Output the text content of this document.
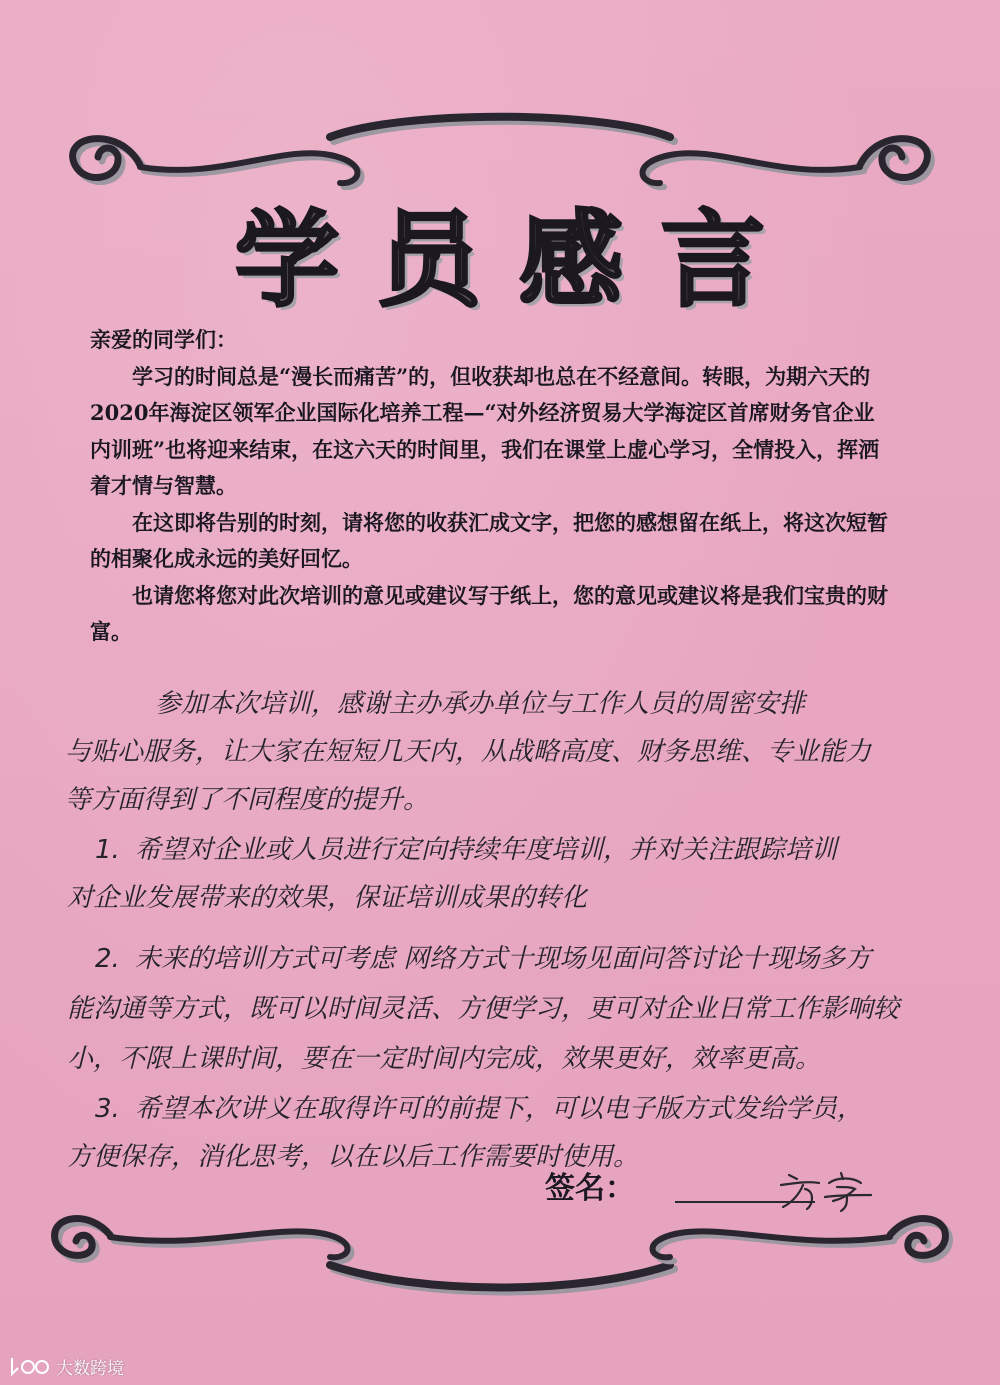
学员感言

亲爱的同学们：

学习的时间总是“漫长而痛苦”的，但收获却也总在不经意间。转眼，为期六天的2020年海淀区领军企业国际化培养工程—“对外经济贸易大学海淀区首席财务官企业内训班”也将迎来结束，在这六天的时间里，我们在课堂上虚心学习，全情投入，挥洒着才情与智慧。

在这即将告别的时刻，请将您的收获汇成文字，把您的感想留在纸上，将这次短暂的相聚化成永远的美好回忆。

也请您将您对此次培训的意见或建议写于纸上，您的意见或建议将是我们宝贵的财富。

参加本次培训，感谢主办承办单位与工作人员的周密安排

与贴心服务，让大家在短短几天内，从战略高度、财务思维、专业能力

等方面得到了不同程度的提升。

1. 希望对企业或人员进行定向持续年度培训，并对关注跟踪培训

对企业发展带来的效果，保证培训成果的转化

2. 未来的培训方式可考虑 网络方式十现场见面问答讨论十现场多方

能沟通等方式，既可以时间灵活、方便学习，更可对企业日常工作影响较

小，不限上课时间，要在一定时间内完成，效果更好，效率更高。

3. 希望本次讲义在取得许可的前提下，可以电子版方式发给学员，

方便保存，消化思考，以在以后工作需要时使用。

签名：
大数跨境
